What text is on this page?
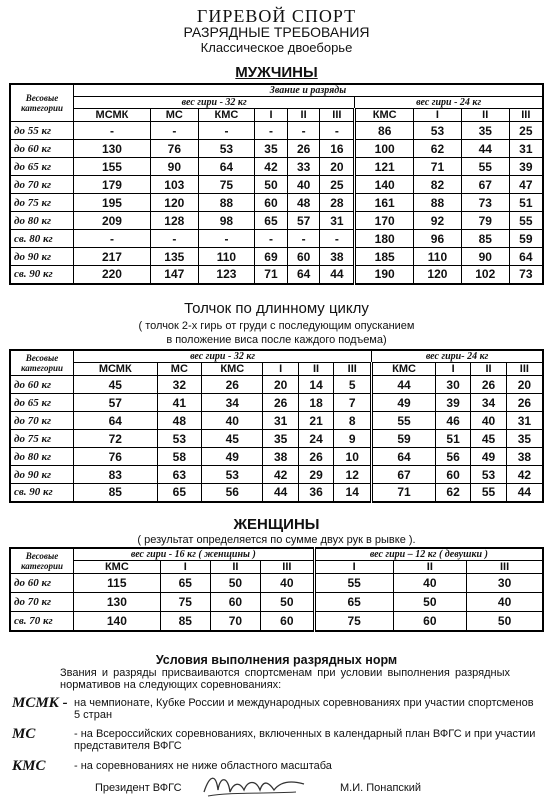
ГИРЕВОЙ СПОРТ
РАЗРЯДНЫЕ ТРЕБОВАНИЯ
Классическое двоеборье
МУЖЧИНЫ
Весовые категории	Звание и разряды									
	вес гири - 32 кг						вес гири - 24 кг			
	МСМК	МС	КМС	I	II	III	КМС	I	II	III
до 55 кг	-	-	-	-	-	-	86	53	35	25
до 60 кг	130	76	53	35	26	16	100	62	44	31
до 65 кг	155	90	64	42	33	20	121	71	55	39
до 70 кг	179	103	75	50	40	25	140	82	67	47
до 75 кг	195	120	88	60	48	28	161	88	73	51
до 80 кг	209	128	98	65	57	31	170	92	79	55
св. 80 кг	-	-	-	-	-	-	180	96	85	59
до 90 кг	217	135	110	69	60	38	185	110	90	64
св. 90 кг	220	147	123	71	64	44	190	120	102	73
Толчок по длинному циклу
( толчок 2-х гирь от груди с последующим опусканием
в положение виса после каждого подъема)
Весовые категории	вес гири - 32 кг						вес гири- 24 кг			
	МСМК	МС	КМС	I	II	III	КМС	I	II	III
до 60 кг	45	32	26	20	14	5	44	30	26	20
до 65 кг	57	41	34	26	18	7	49	39	34	26
до 70 кг	64	48	40	31	21	8	55	46	40	31
до 75 кг	72	53	45	35	24	9	59	51	45	35
до 80 кг	76	58	49	38	26	10	64	56	49	38
до 90 кг	83	63	53	42	29	12	67	60	53	42
св. 90 кг	85	65	56	44	36	14	71	62	55	44
ЖЕНЩИНЫ
( результат определяется по сумме двух рук в рывке ).
Весовые категории	вес гири - 16 кг ( женщины )				вес гири – 12 кг ( девушки )		
	КМС	I	II	III	I	II	III
до 60 кг	115	65	50	40	55	40	30
до 70 кг	130	75	60	50	65	50	40
св. 70 кг	140	85	70	60	75	60	50
Условия выполнения разрядных норм
Звания и разряды присваиваются спортсменам при условии выполнения разрядных нормативов на следующих соревнованиях:
МСМК - на чемпионате, Кубке России и международных соревнованиях при участии спортсменов 5 стран
МС	- на Всероссийских соревнованиях, включенных в календарный план ВФГС и при участии представителя ВФГС
КМС	- на соревнованиях не ниже областного масштаба
Президент ВФГС	М.И. Понапский
